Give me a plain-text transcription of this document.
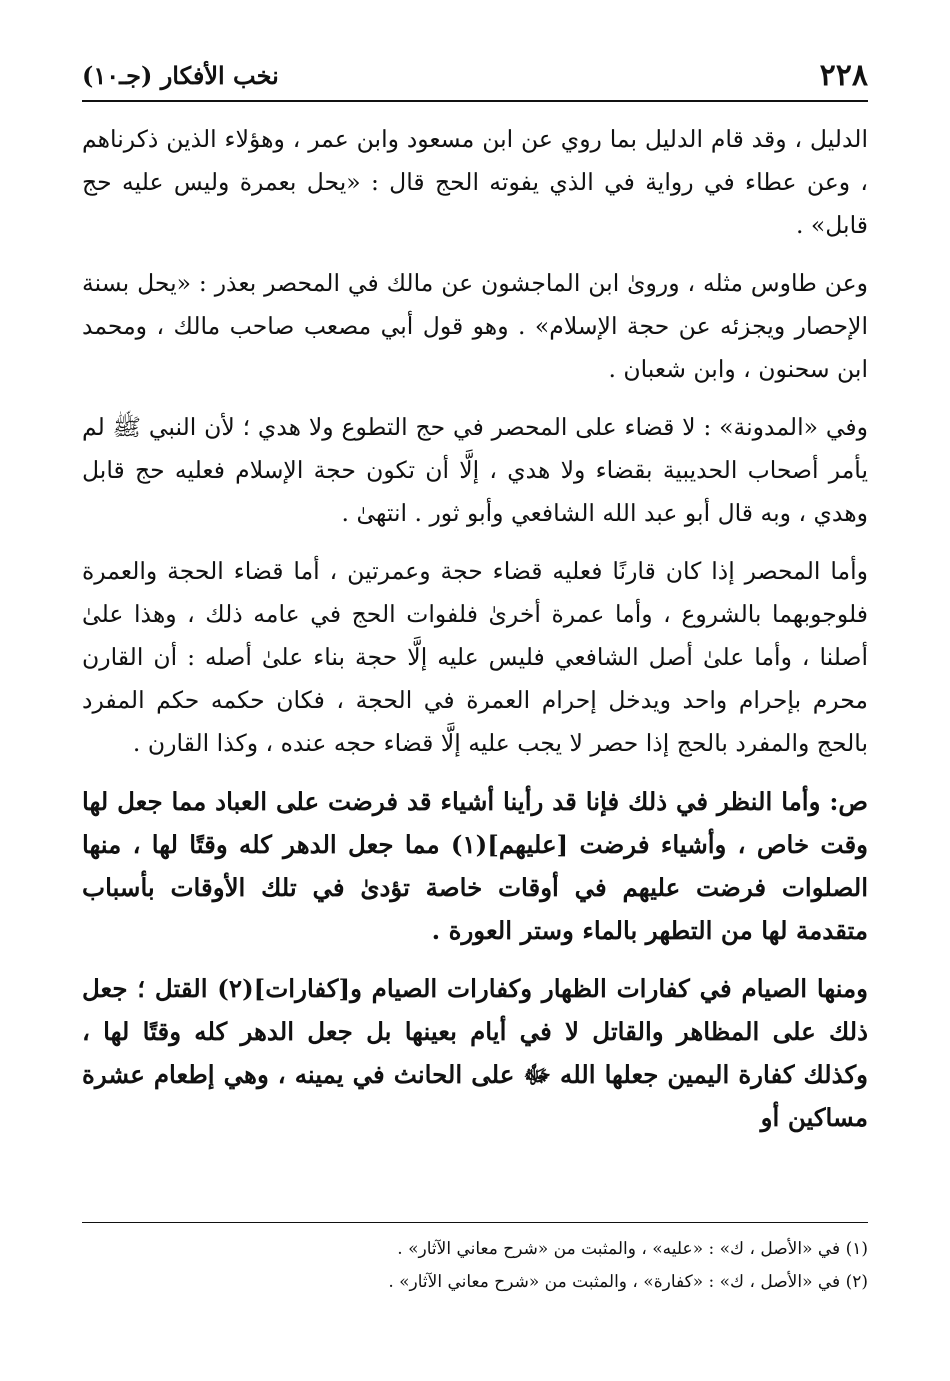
٢٢٨
نخب الأفكار (جـ١٠)

الدليل ، وقد قام الدليل بما روي عن ابن مسعود وابن عمر ، وهؤلاء الذين ذكرناهم ، وعن عطاء في رواية في الذي يفوته الحج قال : «يحل بعمرة وليس عليه حج قابل» .

وعن طاوس مثله ، وروىٰ ابن الماجشون عن مالك في المحصر بعذر : «يحل بسنة الإحصار ويجزئه عن حجة الإسلام» . وهو قول أبي مصعب صاحب مالك ، ومحمد ابن سحنون ، وابن شعبان .

وفي «المدونة» : لا قضاء على المحصر في حج التطوع ولا هدي ؛ لأن النبي ﷺ لم يأمر أصحاب الحديبية بقضاء ولا هدي ، إلَّا أن تكون حجة الإسلام فعليه حج قابل وهدي ، وبه قال أبو عبد الله الشافعي وأبو ثور . انتهىٰ .

وأما المحصر إذا كان قارنًا فعليه قضاء حجة وعمرتين ، أما قضاء الحجة والعمرة فلوجوبهما بالشروع ، وأما عمرة أخرىٰ فلفوات الحج في عامه ذلك ، وهذا علىٰ أصلنا ، وأما علىٰ أصل الشافعي فليس عليه إلَّا حجة بناء علىٰ أصله : أن القارن محرم بإحرام واحد ويدخل إحرام العمرة في الحجة ، فكان حكمه حكم المفرد بالحج والمفرد بالحج إذا حصر لا يجب عليه إلَّا قضاء حجه عنده ، وكذا القارن .

ص: وأما النظر في ذلك فإنا قد رأينا أشياء قد فرضت على العباد مما جعل لها وقت خاص ، وأشياء فرضت [عليهم](١) مما جعل الدهر كله وقتًا لها ، منها الصلوات فرضت عليهم في أوقات خاصة تؤدىٰ في تلك الأوقات بأسباب متقدمة لها من التطهر بالماء وستر العورة .

ومنها الصيام في كفارات الظهار وكفارات الصيام و[كفارات](٢) القتل ؛ جعل ذلك على المظاهر والقاتل لا في أيام بعينها بل جعل الدهر كله وقتًا لها ، وكذلك كفارة اليمين جعلها الله ﷻ على الحانث في يمينه ، وهي إطعام عشرة مساكين أو

(١) في «الأصل ، ك» : «عليه» ، والمثبت من «شرح معاني الآثار» .
(٢) في «الأصل ، ك» : «كفارة» ، والمثبت من «شرح معاني الآثار» .
